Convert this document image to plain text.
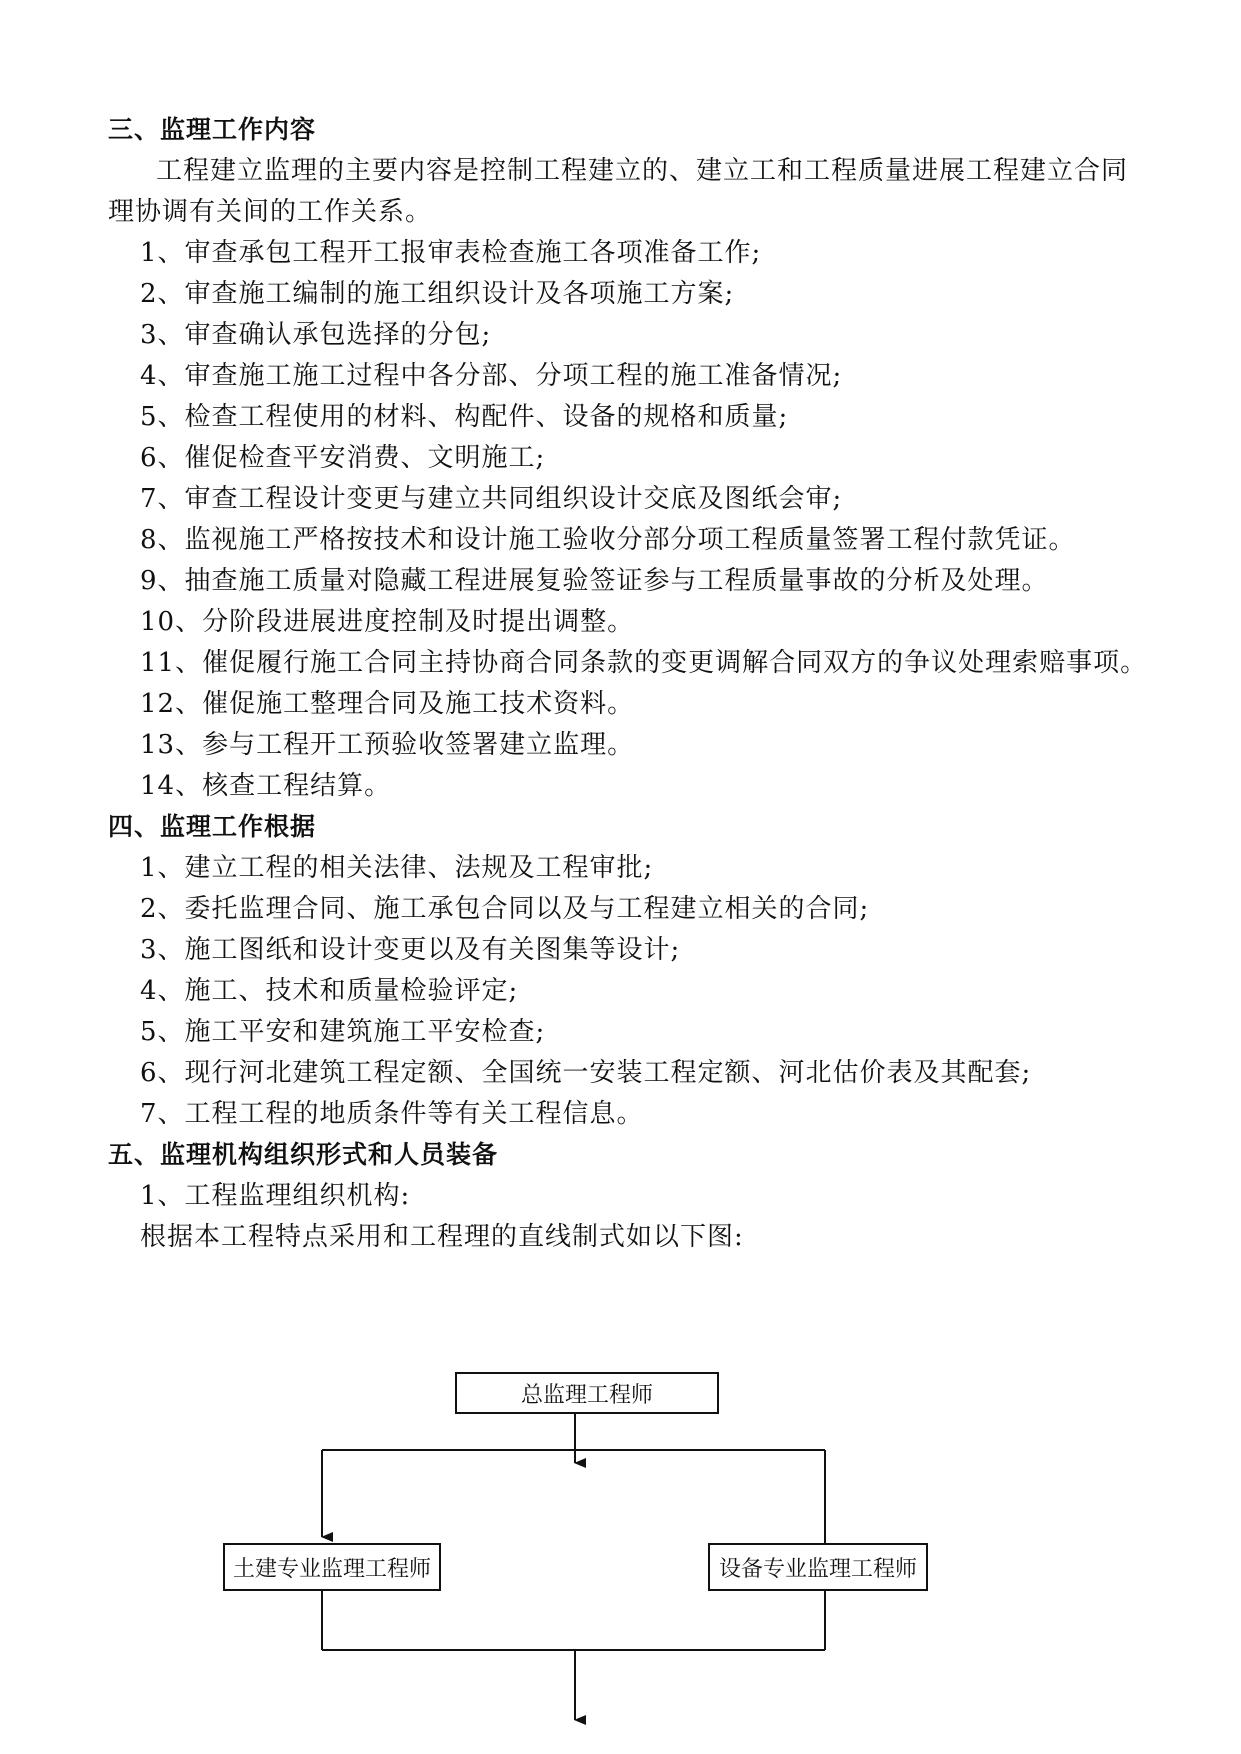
三、监理工作内容
工程建立监理的主要内容是控制工程建立的、建立工和工程质量进展工程建立合同
理协调有关间的工作关系。
1、审查承包工程开工报审表检查施工各项准备工作;
2、审查施工编制的施工组织设计及各项施工方案;
3、审查确认承包选择的分包;
4、审查施工施工过程中各分部、分项工程的施工准备情况;
5、检查工程使用的材料、构配件、设备的规格和质量;
6、催促检查平安消费、文明施工;
7、审查工程设计变更与建立共同组织设计交底及图纸会审;
8、监视施工严格按技术和设计施工验收分部分项工程质量签署工程付款凭证。
9、抽查施工质量对隐藏工程进展复验签证参与工程质量事故的分析及处理。
10、分阶段进展进度控制及时提出调整。
11、催促履行施工合同主持协商合同条款的变更调解合同双方的争议处理索赔事项。
12、催促施工整理合同及施工技术资料。
13、参与工程开工预验收签署建立监理。
14、核查工程结算。
四、监理工作根据
1、建立工程的相关法律、法规及工程审批;
2、委托监理合同、施工承包合同以及与工程建立相关的合同;
3、施工图纸和设计变更以及有关图集等设计;
4、施工、技术和质量检验评定;
5、施工平安和建筑施工平安检查;
6、现行河北建筑工程定额、全国统一安装工程定额、河北估价表及其配套;
7、工程工程的地质条件等有关工程信息。
五、监理机构组织形式和人员装备
1、工程监理组织机构:
根据本工程特点采用和工程理的直线制式如以下图:
总监理工程师
土建专业监理工程师	设备专业监理工程师
